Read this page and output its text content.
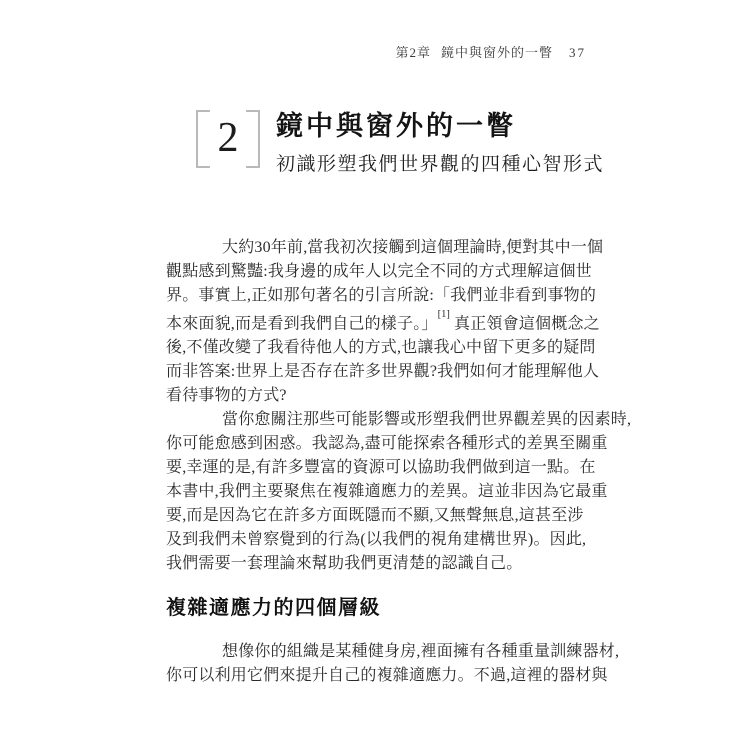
第2章 鏡中與窗外的一瞥 37
2 鏡中與窗外的一瞥
初識形塑我們世界觀的四種心智形式

大約30年前,當我初次接觸到這個理論時,便對其中一個
觀點感到驚豔:我身邊的成年人以完全不同的方式理解這個世
界。事實上,正如那句著名的引言所說:「我們並非看到事物的
本來面貌,而是看到我們自己的樣子。」[1] 真正領會這個概念之
後,不僅改變了我看待他人的方式,也讓我心中留下更多的疑問
而非答案:世界上是否存在許多世界觀?我們如何才能理解他人
看待事物的方式?

當你愈關注那些可能影響或形塑我們世界觀差異的因素時,
你可能愈感到困惑。我認為,盡可能探索各種形式的差異至關重
要,幸運的是,有許多豐富的資源可以協助我們做到這一點。在
本書中,我們主要聚焦在複雜適應力的差異。這並非因為它最重
要,而是因為它在許多方面既隱而不顯,又無聲無息,這甚至涉
及到我們未曾察覺到的行為(以我們的視角建構世界)。因此,
我們需要一套理論來幫助我們更清楚的認識自己。

複雜適應力的四個層級

想像你的組織是某種健身房,裡面擁有各種重量訓練器材,
你可以利用它們來提升自己的複雜適應力。不過,這裡的器材與
